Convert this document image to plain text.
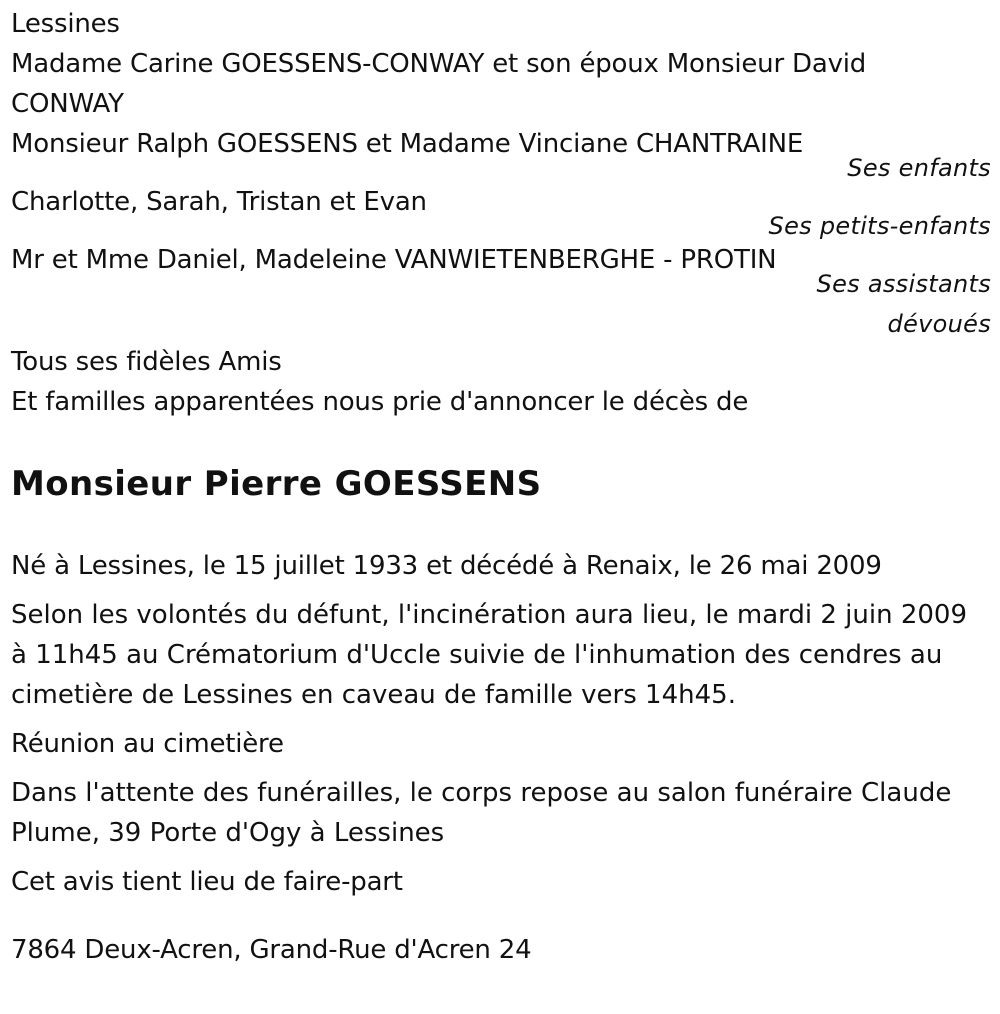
Lessines
Madame Carine GOESSENS-CONWAY et son époux Monsieur David
CONWAY
Monsieur Ralph GOESSENS et Madame Vinciane CHANTRAINE
Ses enfants
Charlotte, Sarah, Tristan et Evan
Ses petits-enfants
Mr et Mme Daniel, Madeleine VANWIETENBERGHE - PROTIN
Ses assistants
dévoués
Tous ses fidèles Amis
Et familles apparentées nous prie d'annoncer le décès de
Monsieur Pierre GOESSENS
Né à Lessines, le 15 juillet 1933 et décédé à Renaix, le 26 mai 2009
Selon les volontés du défunt, l'incinération aura lieu, le mardi 2 juin 2009 à 11h45 au Crématorium d'Uccle suivie de l'inhumation des cendres au cimetière de Lessines en caveau de famille vers 14h45.
Réunion au cimetière
Dans l'attente des funérailles, le corps repose au salon funéraire Claude Plume, 39 Porte d'Ogy à Lessines
Cet avis tient lieu de faire-part
7864 Deux-Acren, Grand-Rue d'Acren 24
